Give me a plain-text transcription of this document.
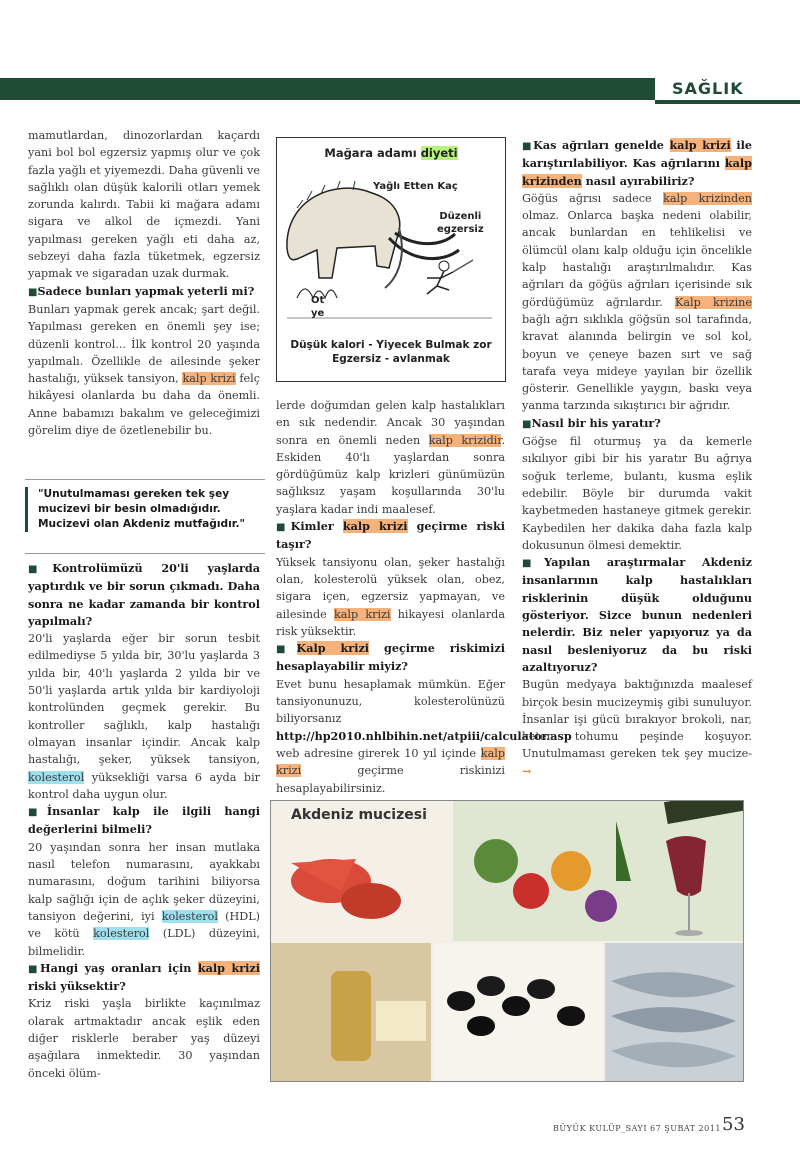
SAĞLIK

mamutlardan, dinozorlardan kaçardı yani bol bol egzersiz yapmış olur ve çok fazla yağlı et yiyemezdi. Daha güvenli ve sağlıklı olan düşük kalorili otları yemek zorunda kalırdı. Tabii ki mağara adamı sigara ve alkol de içmezdi. Yani yapılması gereken yağlı eti daha az, sebzeyi daha fazla tüketmek, egzersiz yapmak ve sigaradan uzak durmak.

■ Sadece bunları yapmak yeterli mi?

Bunları yapmak gerek ancak; şart değil. Yapılması gereken en önemli şey ise; düzenli kontrol... İlk kontrol 20 yaşında yapılmalı. Özellikle de ailesinde şeker hastalığı, yüksek tansiyon, kalp krizi felç hikâyesi olanlarda bu daha da önemli. Anne babamızı bakalım ve geleceğimizi görelim diye de özetlenebilir bu.

"Unutulmaması gereken tek şey mucizevi bir besin olmadığıdır. Mucizevi olan Akdeniz mutfağıdır."

■ Kontrolümüzü 20'li yaşlarda yaptırdık ve bir sorun çıkmadı. Daha sonra ne kadar zamanda bir kontrol yapılmalı?

20'li yaşlarda eğer bir sorun tesbit edilmediyse 5 yılda bir, 30'lu yaşlarda 3 yılda bir, 40'lı yaşlarda 2 yılda bir ve 50'li yaşlarda artık yılda bir kardiyoloji kontrolünden geçmek gerekir. Bu kontroller sağlıklı, kalp hastalığı olmayan insanlar içindir. Ancak kalp hastalığı, şeker, yüksek tansiyon, kolesterol yüksekliği varsa 6 ayda bir kontrol daha uygun olur.

■ İnsanlar kalp ile ilgili hangi değerlerini bilmeli?

20 yaşından sonra her insan mutlaka nasıl telefon numarasını, ayakkabı numarasını, doğum tarihini biliyorsa kalp sağlığı için de açlık şeker düzeyini, tansiyon değerini, iyi kolesterol (HDL) ve kötü kolesterol (LDL) düzeyini, bilmelidir.

■ Hangi yaş oranları için kalp krizi riski yüksektir?

Kriz riski yaşla birlikte kaçınılmaz olarak artmaktadır ancak eşlik eden diğer risklerle beraber yaş düzeyi aşağılara inmektedir. 30 yaşından önceki ölüm-

Mağara adamı diyeti
Yağlı Etten Kaç
Düzenli
egzersiz
Ot
ye
Düşük kalori - Yiyecek Bulmak zor
Egzersiz - avlanmak

lerde doğumdan gelen kalp hastalıkları en sık nedendir. Ancak 30 yaşından sonra en önemli neden kalp krizidir. Eskiden 40'lı yaşlardan sonra gördüğümüz kalp krizleri günümüzün sağlıksız yaşam koşullarında 30'lu yaşlara kadar indi maalesef.

■ Kimler kalp krizi geçirme riski taşır?

Yüksek tansiyonu olan, şeker hastalığı olan, kolesterolü yüksek olan, obez, sigara içen, egzersiz yapmayan, ve ailesinde kalp krizi hikayesi olanlarda risk yüksektir.

■ Kalp krizi geçirme riskimizi hesaplayabilir miyiz?

Evet bunu hesaplamak mümkün. Eğer tansiyonunuzu, kolesterolünüzü biliyorsanız http://hp2010.nhlbihin.net/atpiii/calculator.asp web adresine girerek 10 yıl içinde kalp krizi	geçirme riskinizi hesaplayabilirsiniz.

■ Kas ağrıları genelde kalp krizi ile karıştırılabiliyor. Kas ağrılarını kalp krizinden nasıl ayırabiliriz?

Göğüs ağrısı sadece kalp krizinden olmaz. Onlarca başka nedeni olabilir, ancak bunlardan en tehlikelisi ve ölümcül olanı kalp olduğu için öncelikle kalp hastalığı araştırılmalıdır. Kas ağrıları da göğüs ağrıları içerisinde sık gördüğümüz ağrılardır. Kalp krizine bağlı ağrı sıklıkla göğsün sol tarafında, kravat alanında belirgin ve sol kol, boyun ve çeneye bazen sırt ve sağ tarafa veya mideye yayılan bir özellik gösterir. Genellikle yaygın, baskı veya yanma tarzında sıkıştırıcı bir ağrıdır.

■ Nasıl bir his yaratır?

Göğse fil oturmuş ya da kemerle sıkılıyor gibi bir his yaratır Bu ağrıya soğuk terleme, bulantı, kusma eşlik edebilir. Böyle bir durumda vakit kaybetmeden hastaneye gitmek gerekir. Kaybedilen her dakika daha fazla kalp dokusunun ölmesi demektir.

■ Yapılan araştırmalar Akdeniz insanlarının kalp hastalıkları risklerinin düşük olduğunu gösteriyor. Sizce bunun nedenleri nelerdir. Biz neler yapıyoruz ya da nasıl besleniyoruz da bu riski azaltıyoruz?

Bugün medyaya baktığınızda maalesef birçok besin mucizeymiş gibi sunuluyor. İnsanlar işi gücü bırakıyor brokoli, nar, keten tohumu peşinde koşuyor. Unutulmaması gereken tek şey mucize- →

Akdeniz mucizesi
BÜYÜK KULÜP_SAYI 67 ŞUBAT 2011 53
